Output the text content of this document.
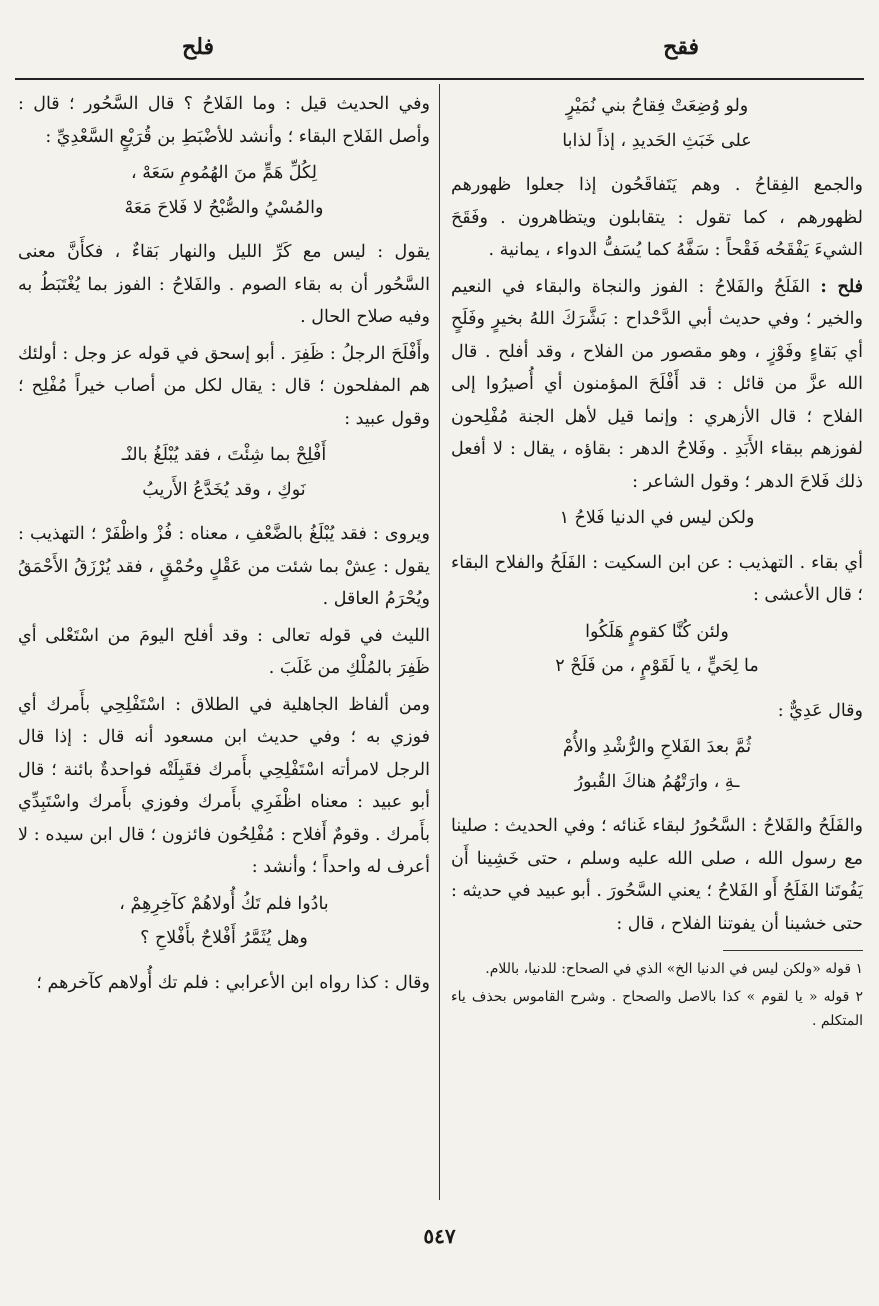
فقح
فلح

ولو وُضِعَتْ فِقاحُ بني نُمَيْرٍ

على خَبَثِ الحَديدِ ، إذاً لذابا

والجمع الفِقاحُ . وهم يَتَفاقَحُون إذا جعلوا ظهورهم لظهورهم ، كما تقول : يتقابلون ويتظاهرون . وفَقَحَ الشيءَ يَفْقَحُه فَقْحاً : سَفَّهُ كما يُسَفُّ الدواء ، يمانية .

فلح : الفَلَحُ والفَلاحُ : الفوز والنجاة والبقاء في النعيم والخير ؛ وفي حديث أبي الدَّحْداح : بَشَّرَكَ اللهُ بخيرٍ وفَلَحٍ أي بَقاءٍ وفَوْزٍ ، وهو مقصور من الفلاح ، وقد أفلح . قال الله عزَّ من قائل : قد أَفْلَحَ المؤمنون أي أُصيرُوا إلى الفلاح ؛ قال الأزهري : وإنما قيل لأهل الجنة مُفْلِحون لفوزهم ببقاء الأَبَدِ . وفَلاحُ الدهر : بقاؤه ، يقال : لا أفعل ذلك فَلاحَ الدهر ؛ وقول الشاعر :

ولكن ليس في الدنيا فَلاحُ ١

أي بقاء . التهذيب : عن ابن السكيت : الفَلَحُ والفلاح البقاء ؛ قال الأعشى :

ولئن كُنَّا كقومٍ هَلَكُوا

ما لِحَيٍّ ، يا لَقَوْمٍ ، من فَلَحْ ٢

وقال عَدِيٌّ :

ثُمَّ بعدَ الفَلاحِ والرُّشْدِ والأُمْ

ـةِ ، وارَتْهُمُ هناكَ القُبورُ

والفَلَحُ والفَلاحُ : السَّحُورُ لبقاء غَنائه ؛ وفي الحديث : صلينا مع رسول الله ، صلى الله عليه وسلم ، حتى خَشِينا أَن يَفُوتَنا الفَلَحُ أَو الفَلاحُ ؛ يعني السَّحُورَ . أبو عبيد في حديثه : حتى خشينا أن يفوتنا الفلاح ، قال :

١ قوله «ولكن ليس في الدنيا الخ» الذي في الصحاح: للدنيا، باللام.

٢ قوله « يا لقوم » كذا بالاصل والصحاح . وشرح القاموس بحذف ياء المتكلم .

وفي الحديث قيل : وما الفَلاحُ ؟ قال السَّحُور ؛ قال : وأصل الفَلاح البقاء ؛ وأنشد للأضْبَطِ بن قُرَيْعٍ السَّعْدِيِّ :

لِكُلِّ هَمٍّ منَ الهُمُومِ سَعَهْ ،

والمُسْيُ والصُّبْحُ لا فَلاحَ مَعَهْ

يقول : ليس مع كَرِّ الليل والنهار بَقاءٌ ، فكأَنَّ معنى السَّحُور أن به بقاء الصوم . والفَلاحُ : الفوز بما يُغْتَبَطُ به وفيه صلاح الحال .

وأَفْلَحَ الرجلُ : ظَفِرَ . أبو إسحق في قوله عز وجل : أولئك هم المفلحون ؛ قال : يقال لكل من أصاب خيراً مُفْلِح ؛ وقول عبيد :

أَفْلِحْ بما شِئْتَ ، فقد يُبْلَغُ بالنْـ

نَوكِ ، وقد يُخَدَّعُ الأَريبُ

ويروى : فقد يُبْلَغُ بالضَّعْفِ ، معناه : فُزْ واظْفَرْ ؛ التهذيب : يقول : عِشْ بما شئت من عَقْلٍ وحُمْقٍ ، فقد يُرْزَقُ الأَحْمَقُ ويُحْرَمُ العاقل .

الليث في قوله تعالى : وقد أفلح اليومَ من اسْتَعْلى أي ظَفِرَ بالمُلْكِ من غَلَبَ .

ومن ألفاظ الجاهلية في الطلاق : اسْتَفْلِحِي بأَمرك أي فوزي به ؛ وفي حديث ابن مسعود أنه قال : إذا قال الرجل لامرأته اسْتَفْلِحِي بأَمرك فقَبِلَتْه فواحدةٌ بائنة ؛ قال أبو عبيد : معناه اظْفَرِي بأَمرك وفوزي بأَمرك واسْتَبِدِّي بأَمرك . وقومٌ أَفلاح : مُفْلِحُون فائزون ؛ قال ابن سيده : لا أعرف له واحداً ؛ وأنشد :

بادُوا فلم تَكُ أُولاهُمْ كآخِرِهِمْ ،

وهل يُثَمَّرُ أَفْلاحٌ بأَفْلاحِ ؟

وقال : كذا رواه ابن الأعرابي : فلم تك أُولاهم كآخرهم ؛

٥٤٧
